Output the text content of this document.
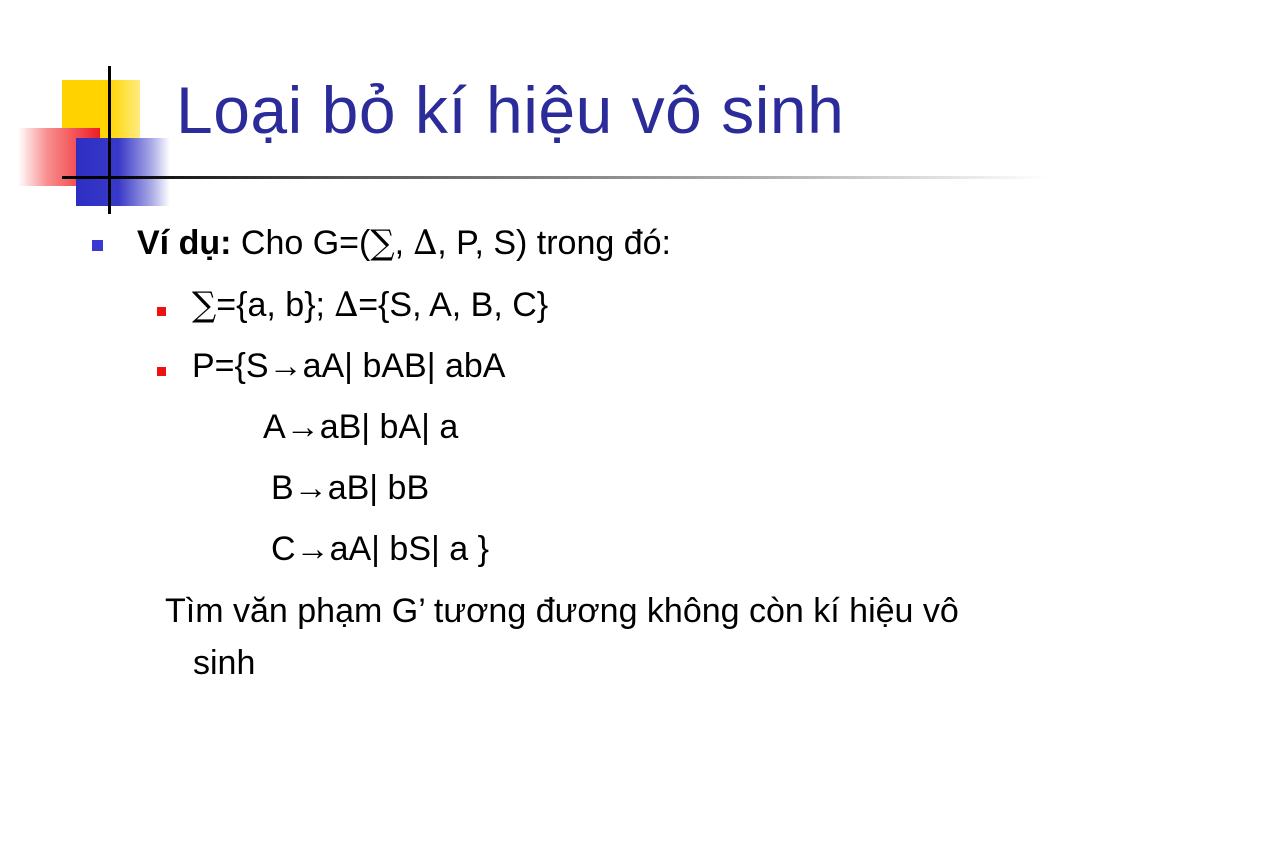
Loại bỏ kí hiệu vô sinh
Ví dụ: Cho G=(∑, ∆, P, S) trong đó:
∑={a, b}; ∆={S, A, B, C}
P={S→aA| bAB| abA
A→aB| bA| a
B→aB| bB
C→aA| bS| a }
Tìm văn phạm G’ tương đương không còn kí hiệu vô
sinh
